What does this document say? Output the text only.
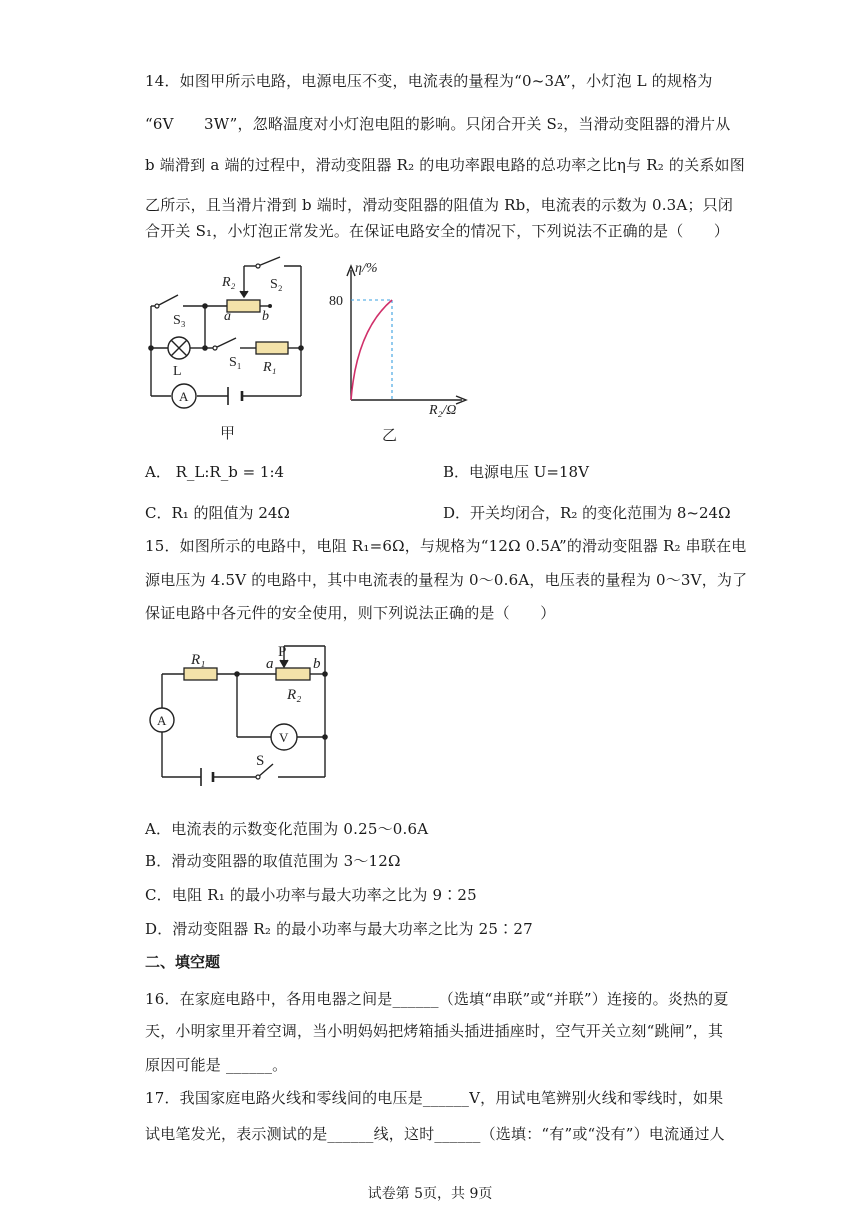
14．如图甲所示电路，电源电压不变，电流表的量程为“0~3A”，小灯泡 L 的规格为
“6V　　3W”，忽略温度对小灯泡电阻的影响。只闭合开关 S₂，当滑动变阻器的滑片从
b 端滑到 a 端的过程中，滑动变阻器 R₂ 的电功率跟电路的总功率之比η与 R₂ 的关系如图
乙所示，且当滑片滑到 b 端时，滑动变阻器的阻值为 Rb，电流表的示数为 0.3A；只闭
合开关 S₁，小灯泡正常发光。在保证电路安全的情况下，下列说法不正确的是（　　）
R₂ S₂
S₃	a b
L
S₁ R₁
A
甲
η/%
80
R₂/Ω
乙
A． R_L:R_b = 1:4	B．电源电压 U=18V
C．R₁ 的阻值为 24Ω	D．开关均闭合，R₂ 的变化范围为 8~24Ω
15．如图所示的电路中，电阻 R₁=6Ω，与规格为“12Ω 0.5A”的滑动变阻器 R₂ 串联在电
源电压为 4.5V 的电路中，其中电流表的量程为 0～0.6A，电压表的量程为 0～3V，为了
保证电路中各元件的安全使用，则下列说法正确的是（　　）
R₁	a
P
b
R₂
A
V
S
A．电流表的示数变化范围为 0.25～0.6A
B．滑动变阻器的取值范围为 3～12Ω
C．电阻 R₁ 的最小功率与最大功率之比为 9∶25
D．滑动变阻器 R₂ 的最小功率与最大功率之比为 25∶27
二、填空题
16．在家庭电路中，各用电器之间是______（选填“串联”或“并联”）连接的。炎热的夏
天，小明家里开着空调，当小明妈妈把烤箱插头插进插座时，空气开关立刻“跳闸”，其
原因可能是 ______。
17．我国家庭电路火线和零线间的电压是______V，用试电笔辨别火线和零线时，如果
试电笔发光，表示测试的是______线，这时______（选填：“有”或“没有”）电流通过人
试卷第 5页，共 9页
